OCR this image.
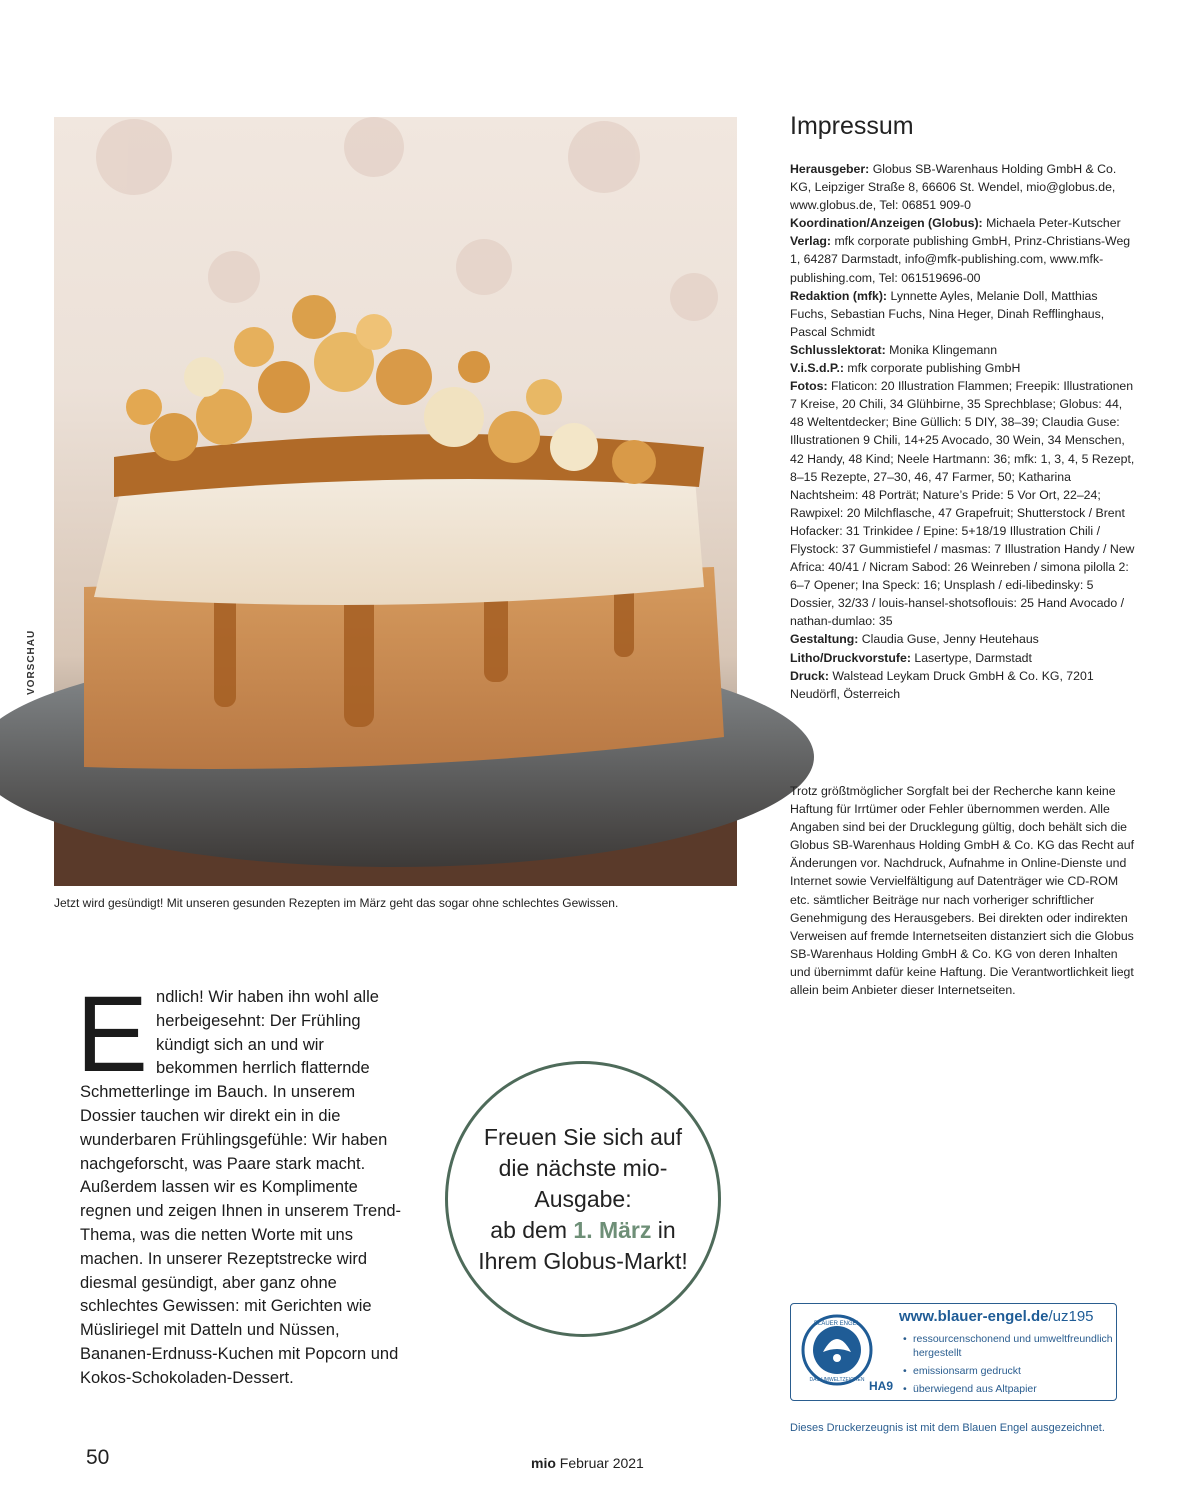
VORSCHAU
Jetzt wird gesündigt! Mit unseren gesunden Rezepten im März geht das sogar ohne schlechtes Gewissen.

Endlich! Wir haben ihn wohl alle herbeigesehnt: Der Frühling kündigt sich an und wir bekommen herrlich flatternde Schmetterlinge im Bauch. In unserem Dossier tauchen wir direkt ein in die wunderbaren Frühlingsgefühle: Wir haben nachgeforscht, was Paare stark macht. Außerdem lassen wir es Komplimente regnen und zeigen Ihnen in unserem Trend-Thema, was die netten Worte mit uns machen. In unserer Rezeptstrecke wird diesmal gesündigt, aber ganz ohne schlechtes Gewissen: mit Gerichten wie Müsliriegel mit Datteln und Nüssen, Bananen-Erdnuss-Kuchen mit Popcorn und Kokos-Schokoladen-Dessert.

Freuen Sie sich auf die nächste mio-Ausgabe:
ab dem 1. März in Ihrem Globus-Markt!
Impressum

Herausgeber: Globus SB-Warenhaus Holding GmbH & Co. KG, Leipziger Straße 8, 66606 St. Wendel, mio@globus.de, www.globus.de, Tel: 06851 909-0

Koordination/Anzeigen (Globus): Michaela Peter-Kutscher

Verlag: mfk corporate publishing GmbH, Prinz-Christians-Weg 1, 64287 Darmstadt, info@mfk-publishing.com, www.mfk-publishing.com, Tel: 061519696-00

Redaktion (mfk): Lynnette Ayles, Melanie Doll, Matthias Fuchs, Sebastian Fuchs, Nina Heger, Dinah Refflinghaus, Pascal Schmidt

Schlusslektorat: Monika Klingemann

V.i.S.d.P.: mfk corporate publishing GmbH

Fotos: Flaticon: 20 Illustration Flammen; Freepik: Illustrationen 7 Kreise, 20 Chili, 34 Glühbirne, 35 Sprechblase; Globus: 44, 48 Weltentdecker; Bine Güllich: 5 DIY, 38–39; Claudia Guse: Illustrationen 9 Chili, 14+25 Avocado, 30 Wein, 34 Menschen, 42 Handy, 48 Kind; Neele Hartmann: 36; mfk: 1, 3, 4, 5 Rezept, 8–15 Rezepte, 27–30, 46, 47 Farmer, 50; Katharina Nachtsheim: 48 Porträt; Nature’s Pride: 5 Vor Ort, 22–24; Rawpixel: 20 Milchflasche, 47 Grapefruit; Shutterstock / Brent Hofacker: 31 Trinkidee / Epine: 5+18/19 Illustration Chili / Flystock: 37 Gummistiefel / masmas: 7 Illustration Handy / New Africa: 40/41 / Nicram Sabod: 26 Weinreben / simona pilolla 2: 6–7 Opener; Ina Speck: 16; Unsplash / edi-libedinsky: 5 Dossier, 32/33 / louis-hansel-shotsoflouis: 25 Hand Avocado / nathan-dumlao: 35

Gestaltung: Claudia Guse, Jenny Heutehaus

Litho/Druckvorstufe: Lasertype, Darmstadt

Druck: Walstead Leykam Druck GmbH & Co. KG, 7201 Neudörfl, Österreich

Trotz größtmöglicher Sorgfalt bei der Recherche kann keine Haftung für Irrtümer oder Fehler übernommen werden. Alle Angaben sind bei der Drucklegung gültig, doch behält sich die Globus SB-Warenhaus Holding GmbH & Co. KG das Recht auf Änderungen vor. Nachdruck, Aufnahme in Online-Dienste und Internet sowie Vervielfältigung auf Datenträger wie CD-ROM etc. sämtlicher Beiträge nur nach vorheriger schriftlicher Genehmigung des Herausgebers. Bei direkten oder indirekten Verweisen auf fremde Internetseiten distanziert sich die Globus SB-Warenhaus Holding GmbH & Co. KG von deren Inhalten und übernimmt dafür keine Haftung. Die Verantwortlichkeit liegt allein beim Anbieter dieser Internetseiten.

BLAUER ENGEL
DAS UMWELTZEICHEN HA9
www.blauer-engel.de/uz195
• ressourcenschonend und umweltfreundlich hergestellt
• emissionsarm gedruckt
• überwiegend aus Altpapier
Dieses Druckerzeugnis ist mit dem Blauen Engel ausgezeichnet.
50	mio Februar 2021
